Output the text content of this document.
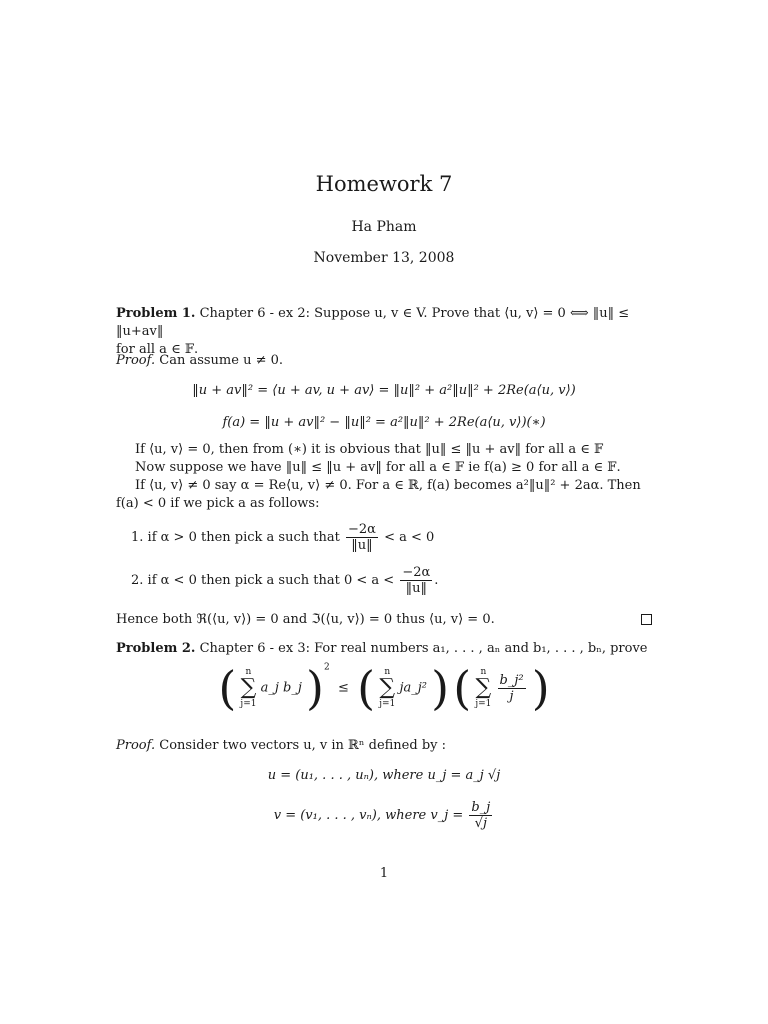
Homework 7
Ha Pham
November 13, 2008
Problem 1. Chapter 6 - ex 2: Suppose u, v ∈ V. Prove that ⟨u, v⟩ = 0 ⟺ ‖u‖ ≤ ‖u+av‖
for all a ∈ 𝔽.
Proof. Can assume u ≠ 0.
‖u + av‖² = ⟨u + av, u + av⟩ = ‖u‖² + a²‖u‖² + 2Re(a⟨u, v⟩)
f(a) = ‖u + av‖² − ‖u‖² = a²‖u‖² + 2Re(a⟨u, v⟩)(∗)
If ⟨u, v⟩ = 0, then from (∗) it is obvious that ‖u‖ ≤ ‖u + av‖ for all a ∈ 𝔽
Now suppose we have ‖u‖ ≤ ‖u + av‖ for all a ∈ 𝔽 ie f(a) ≥ 0 for all a ∈ 𝔽.
If ⟨u, v⟩ ≠ 0 say α = Re⟨u, v⟩ ≠ 0. For a ∈ ℝ, f(a) becomes a²‖u‖² + 2aα. Then
f(a) < 0 if we pick a as follows:
1. if α > 0 then pick a such that $\frac{-2\alpha}{‖u‖} < a < 0$
2. if α < 0 then pick a such that $0 < a < \frac{-2\alpha}{‖u‖}$ .
Hence both ℜ(⟨u, v⟩) = 0 and ℑ(⟨u, v⟩) = 0 thus ⟨u, v⟩ = 0.
Problem 2. Chapter 6 - ex 3: For real numbers a₁, . . . , aₙ and b₁, . . . , bₙ, prove
( n
∑
j=1 a_j b_j )$^2$  ≤ ( n
∑
j=1 ja_j² ) ( n
∑
j=1
$\frac{\text{b\_j²}}{j}$ )
Proof. Consider two vectors u, v in ℝⁿ defined by :
u = (u₁, . . . , uₙ), where u_j = a_j √j
v = (v₁, . . . , vₙ), where v_j = $\frac{b\_j}{√j}$
1
